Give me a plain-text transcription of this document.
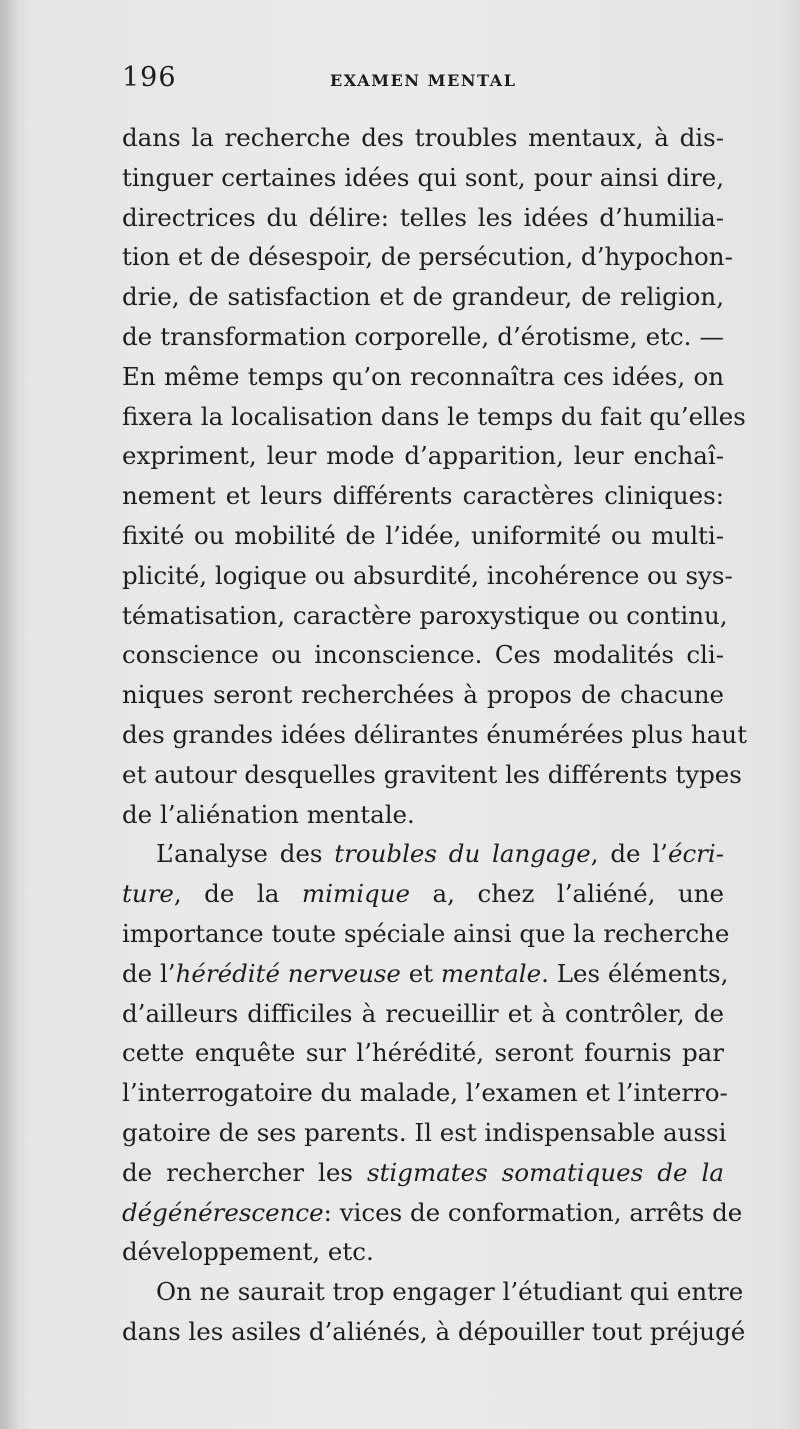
196	EXAMEN MENTAL
dans la recherche des troubles mentaux, à dis-
tinguer certaines idées qui sont, pour ainsi dire,
directrices du délire: telles les idées d’humilia-
tion et de désespoir, de persécution, d’hypochon-
drie, de satisfaction et de grandeur, de religion,
de transformation corporelle, d’érotisme, etc. —
En même temps qu’on reconnaîtra ces idées, on
fixera la localisation dans le temps du fait qu’elles
expriment, leur mode d’apparition, leur enchaî-
nement et leurs différents caractères cliniques:
fixité ou mobilité de l’idée, uniformité ou multi-
plicité, logique ou absurdité, incohérence ou sys-
tématisation, caractère paroxystique ou continu,
conscience ou inconscience. Ces modalités cli-
niques seront recherchées à propos de chacune
des grandes idées délirantes énumérées plus haut
et autour desquelles gravitent les différents types
de l’aliénation mentale.
L’analyse des troubles du langage, de l’écri-
ture, de la mimique a, chez l’aliéné, une
importance toute spéciale ainsi que la recherche
de l’hérédité nerveuse et mentale. Les éléments,
d’ailleurs difficiles à recueillir et à contrôler, de
cette enquête sur l’hérédité, seront fournis par
l’interrogatoire du malade, l’examen et l’interro-
gatoire de ses parents. Il est indispensable aussi
de rechercher les stigmates somatiques de la
dégénérescence: vices de conformation, arrêts de
développement, etc.
On ne saurait trop engager l’étudiant qui entre
dans les asiles d’aliénés, à dépouiller tout préjugé
